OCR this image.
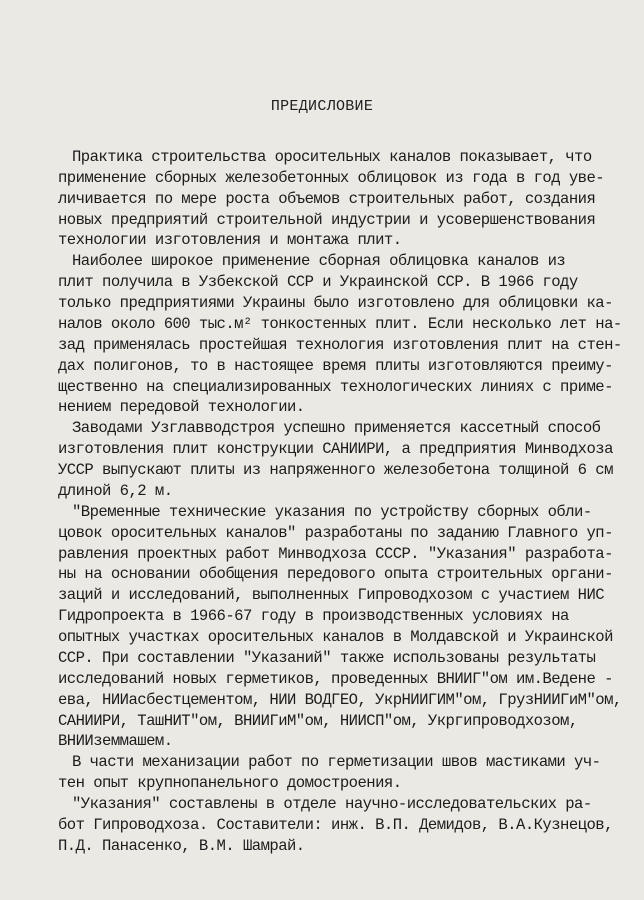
ПРЕДИСЛОВИЕ
Практика строительства оросительных каналов показывает, что
применение сборных железобетонных облицовок из года в год уве-
личивается по мере роста объемов строительных работ, создания
новых предприятий строительной индустрии и усовершенствования
технологии изготовления и монтажа плит.
Наиболее широкое применение сборная облицовка каналов из
плит получила в Узбекской ССР и Украинской ССР. В 1966 году
только предприятиями Украины было изготовлено для облицовки ка-
налов около 600 тыс.м² тонкостенных плит. Если несколько лет на-
зад применялась простейшая технология изготовления плит на стен-
дах полигонов, то в настоящее время плиты изготовляются преиму-
щественно на специализированных технологических линиях с приме-
нением передовой технологии.
Заводами Узглавводстроя успешно применяется кассетный способ
изготовления плит конструкции САНИИРИ, а предприятия Минводхоза
УССР выпускают плиты из напряженного железобетона толщиной 6 см
длиной 6,2 м.
"Временные технические указания по устройству сборных обли-
цовок оросительных каналов" разработаны по заданию Главного уп-
равления проектных работ Минводхоза СССР. "Указания" разработа-
ны на основании обобщения передового опыта строительных органи-
заций и исследований, выполненных Гипроводхозом с участием НИС
Гидропроекта в 1966-67 году в производственных условиях на
опытных участках оросительных каналов в Молдавской и Украинской
ССР. При составлении "Указаний" также использованы результаты
исследований новых герметиков, проведенных ВНИИГ"ом им.Веденe -
ева, НИИасбестцементом, НИИ ВОДГЕО, УкрНИИГИМ"ом, ГрузНИИГиМ"ом,
САНИИРИ, ТашНИТ"ом, ВНИИГиМ"ом, НИИСП"ом, Укргипроводхозом,
ВНИИземмашем.
В части механизации работ по герметизации швов мастиками уч-
тен опыт крупнопанельного домостроения.
"Указания" составлены в отделе научно-исследовательских ра-
бот Гипроводхоза. Составители: инж. В.П. Демидов, В.А.Кузнецов,
П.Д. Панасенко, В.М. Шамрай.
